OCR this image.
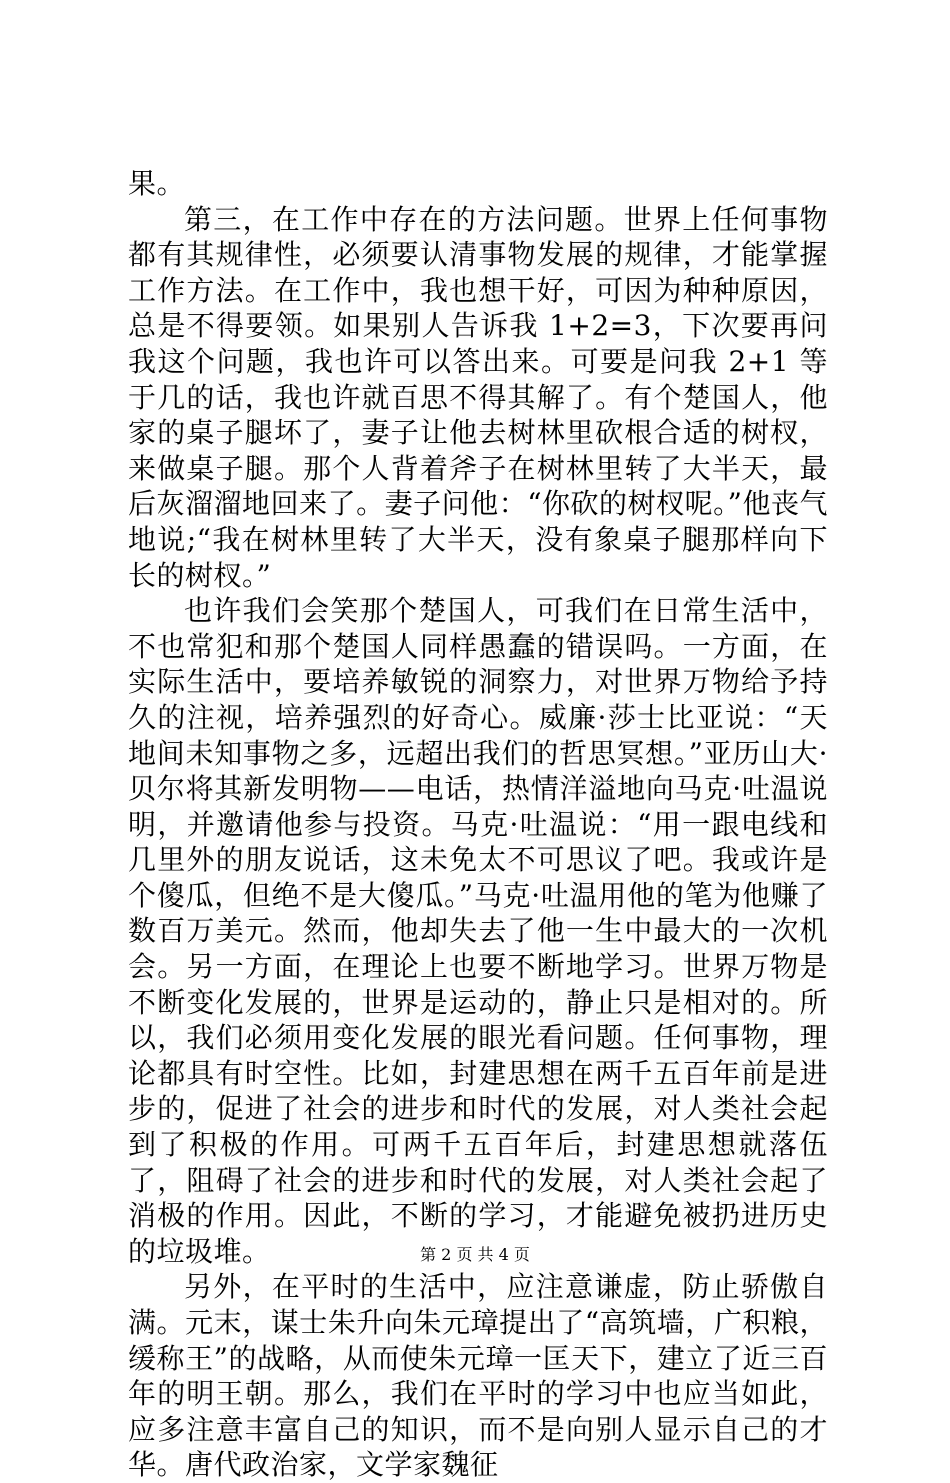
果。

第三，在工作中存在的方法问题。世界上任何事物都有其规律性，必须要认清事物发展的规律，才能掌握工作方法。在工作中，我也想干好，可因为种种原因，总是不得要领。如果别人告诉我 1+2=3，下次要再问我这个问题，我也许可以答出来。可要是问我 2+1 等于几的话，我也许就百思不得其解了。有个楚国人，他家的桌子腿坏了，妻子让他去树林里砍根合适的树杈，来做桌子腿。那个人背着斧子在树林里转了大半天，最后灰溜溜地回来了。妻子问他：“你砍的树杈呢。”他丧气地说;“我在树林里转了大半天，没有象桌子腿那样向下长的树杈。”

也许我们会笑那个楚国人，可我们在日常生活中，不也常犯和那个楚国人同样愚蠢的错误吗。一方面，在实际生活中，要培养敏锐的洞察力，对世界万物给予持久的注视，培养强烈的好奇心。威廉·莎士比亚说：“天地间未知事物之多，远超出我们的哲思冥想。”亚历山大·贝尔将其新发明物——电话，热情洋溢地向马克·吐温说明，并邀请他参与投资。马克·吐温说：“用一跟电线和几里外的朋友说话，这未免太不可思议了吧。我或许是个傻瓜，但绝不是大傻瓜。”马克·吐温用他的笔为他赚了数百万美元。然而，他却失去了他一生中最大的一次机会。另一方面，在理论上也要不断地学习。世界万物是不断变化发展的，世界是运动的，静止只是相对的。所以，我们必须用变化发展的眼光看问题。任何事物，理论都具有时空性。比如，封建思想在两千五百年前是进步的，促进了社会的进步和时代的发展，对人类社会起到了积极的作用。可两千五百年后，封建思想就落伍了，阻碍了社会的进步和时代的发展，对人类社会起了消极的作用。因此，不断的学习，才能避免被扔进历史的垃圾堆。

另外，在平时的生活中，应注意谦虚，防止骄傲自满。元末，谋士朱升向朱元璋提出了“高筑墙，广积粮，缓称王”的战略，从而使朱元璋一匡天下，建立了近三百年的明王朝。那么，我们在平时的学习中也应当如此，应多注意丰富自己的知识，而不是向别人显示自己的才华。唐代政治家，文学家魏征

第 2 页 共 4 页
